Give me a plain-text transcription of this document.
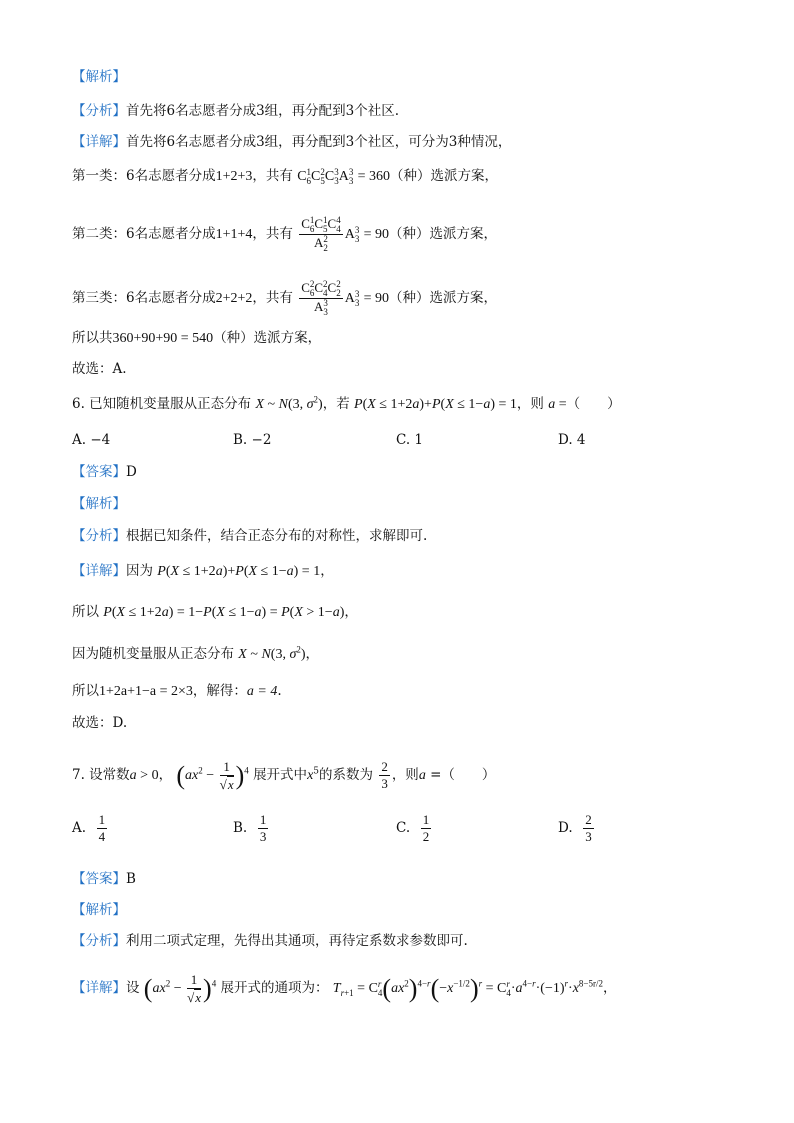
【解析】
【分析】首先将6名志愿者分成3组，再分配到3个社区.
【详解】首先将6名志愿者分成3组，再分配到3个社区，可分为3种情况，
第一类：6名志愿者分成1+2+3，共有 C1
6C2
5C3
3A3
3 = 360（种）选派方案，
第二类：6名志愿者分成1+1+4，共有
C1
6C1
5C4
4
A2
2
A3
3 = 90（种）选派方案，
第三类：6名志愿者分成2+2+2，共有
C2
6C2
4C2
2
A3
3
A3
3 = 90（种）选派方案，
所以共360+90+90 = 540（种）选派方案，
故选：A.
6. 已知随机变量服从正态分布 X ~ N(3, $\sigma^2$)，若 P(X ≤ 1+2a)+P(X ≤ 1−a) = 1，则 a =（　　）
A. −4	B. −2	C. 1	D. 4
【答案】D
【解析】
【分析】根据已知条件，结合正态分布的对称性，求解即可.
【详解】因为 P(X ≤ 1+2a)+P(X ≤ 1−a) = 1，
所以 P(X ≤ 1+2a) = 1−P(X ≤ 1−a) = P(X > 1−a)，
因为随机变量服从正态分布 X ~ N(3, $\sigma^2$)，
所以1+2a+1−a = 2×3，解得：a = 4.
故选：D.
7. 设常数a > 0， $(ax^2 - \frac{1}{√x} )^4$ 展开式中$x^5$的系数为 $\frac{2}{3}$ ，则a =（　　）
A. $\frac{1}{4}$	B. $\frac{1}{3}$	C. $\frac{1}{2}$	D. $\frac{2}{3}$
【答案】B
【解析】
【分析】利用二项式定理，先得出其通项，再待定系数求参数即可.
【详解】设 $(ax^2 - \frac{1}{√x} )^4$ 展开式的通项为： $T_{r+1} = Cr$
$4(ax^2)^{4-r}(-x^{-1/2})^r = Cr$
$4\cdot a^{4-r}\cdot(-1)^r\cdot x^{8-5r/2}$，
